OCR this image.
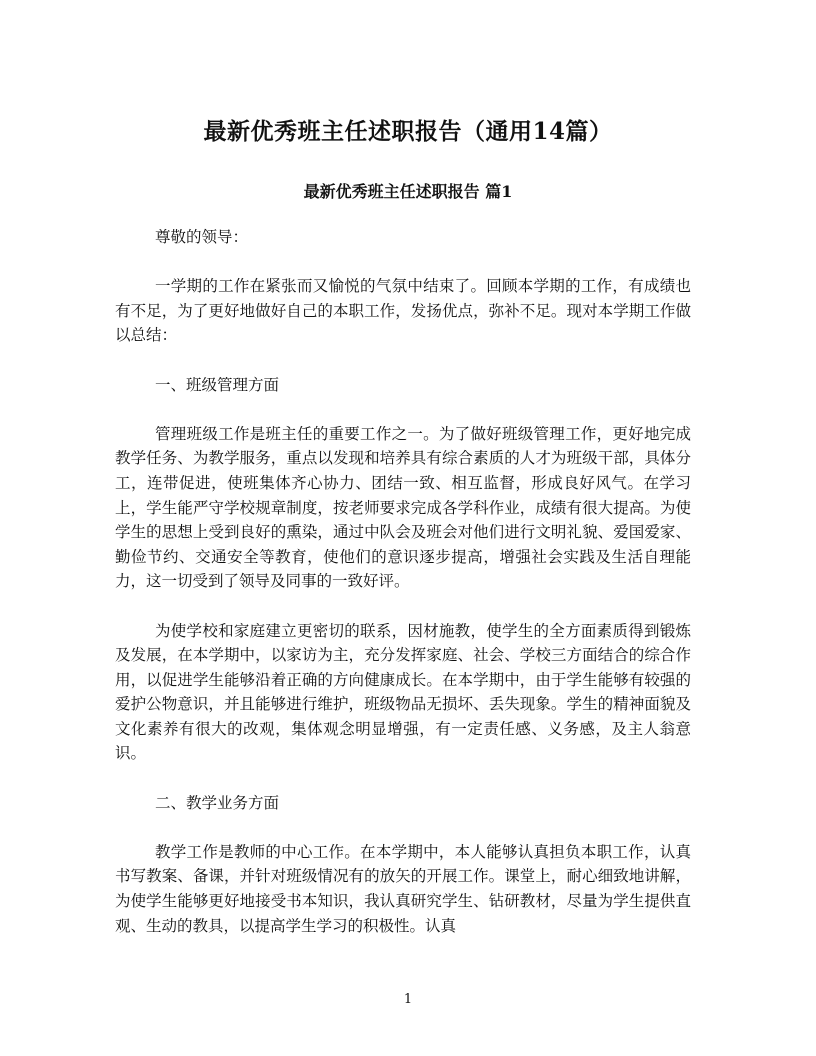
最新优秀班主任述职报告（通用14篇）
最新优秀班主任述职报告 篇1

尊敬的领导：

一学期的工作在紧张而又愉悦的气氛中结束了。回顾本学期的工作，有成绩也有不足，为了更好地做好自己的本职工作，发扬优点，弥补不足。现对本学期工作做以总结：

一、班级管理方面

管理班级工作是班主任的重要工作之一。为了做好班级管理工作，更好地完成教学任务、为教学服务，重点以发现和培养具有综合素质的人才为班级干部，具体分工，连带促进，使班集体齐心协力、团结一致、相互监督，形成良好风气。在学习上，学生能严守学校规章制度，按老师要求完成各学科作业，成绩有很大提高。为使学生的思想上受到良好的熏染，通过中队会及班会对他们进行文明礼貌、爱国爱家、勤俭节约、交通安全等教育，使他们的意识逐步提高，增强社会实践及生活自理能力，这一切受到了领导及同事的一致好评。

为使学校和家庭建立更密切的联系，因材施教，使学生的全方面素质得到锻炼及发展，在本学期中，以家访为主，充分发挥家庭、社会、学校三方面结合的综合作用，以促进学生能够沿着正确的方向健康成长。在本学期中，由于学生能够有较强的爱护公物意识，并且能够进行维护，班级物品无损坏、丢失现象。学生的精神面貌及文化素养有很大的改观，集体观念明显增强，有一定责任感、义务感，及主人翁意识。

二、教学业务方面

教学工作是教师的中心工作。在本学期中，本人能够认真担负本职工作，认真书写教案、备课，并针对班级情况有的放矢的开展工作。课堂上，耐心细致地讲解，为使学生能够更好地接受书本知识，我认真研究学生、钻研教材，尽量为学生提供直观、生动的教具，以提高学生学习的积极性。认真

1
